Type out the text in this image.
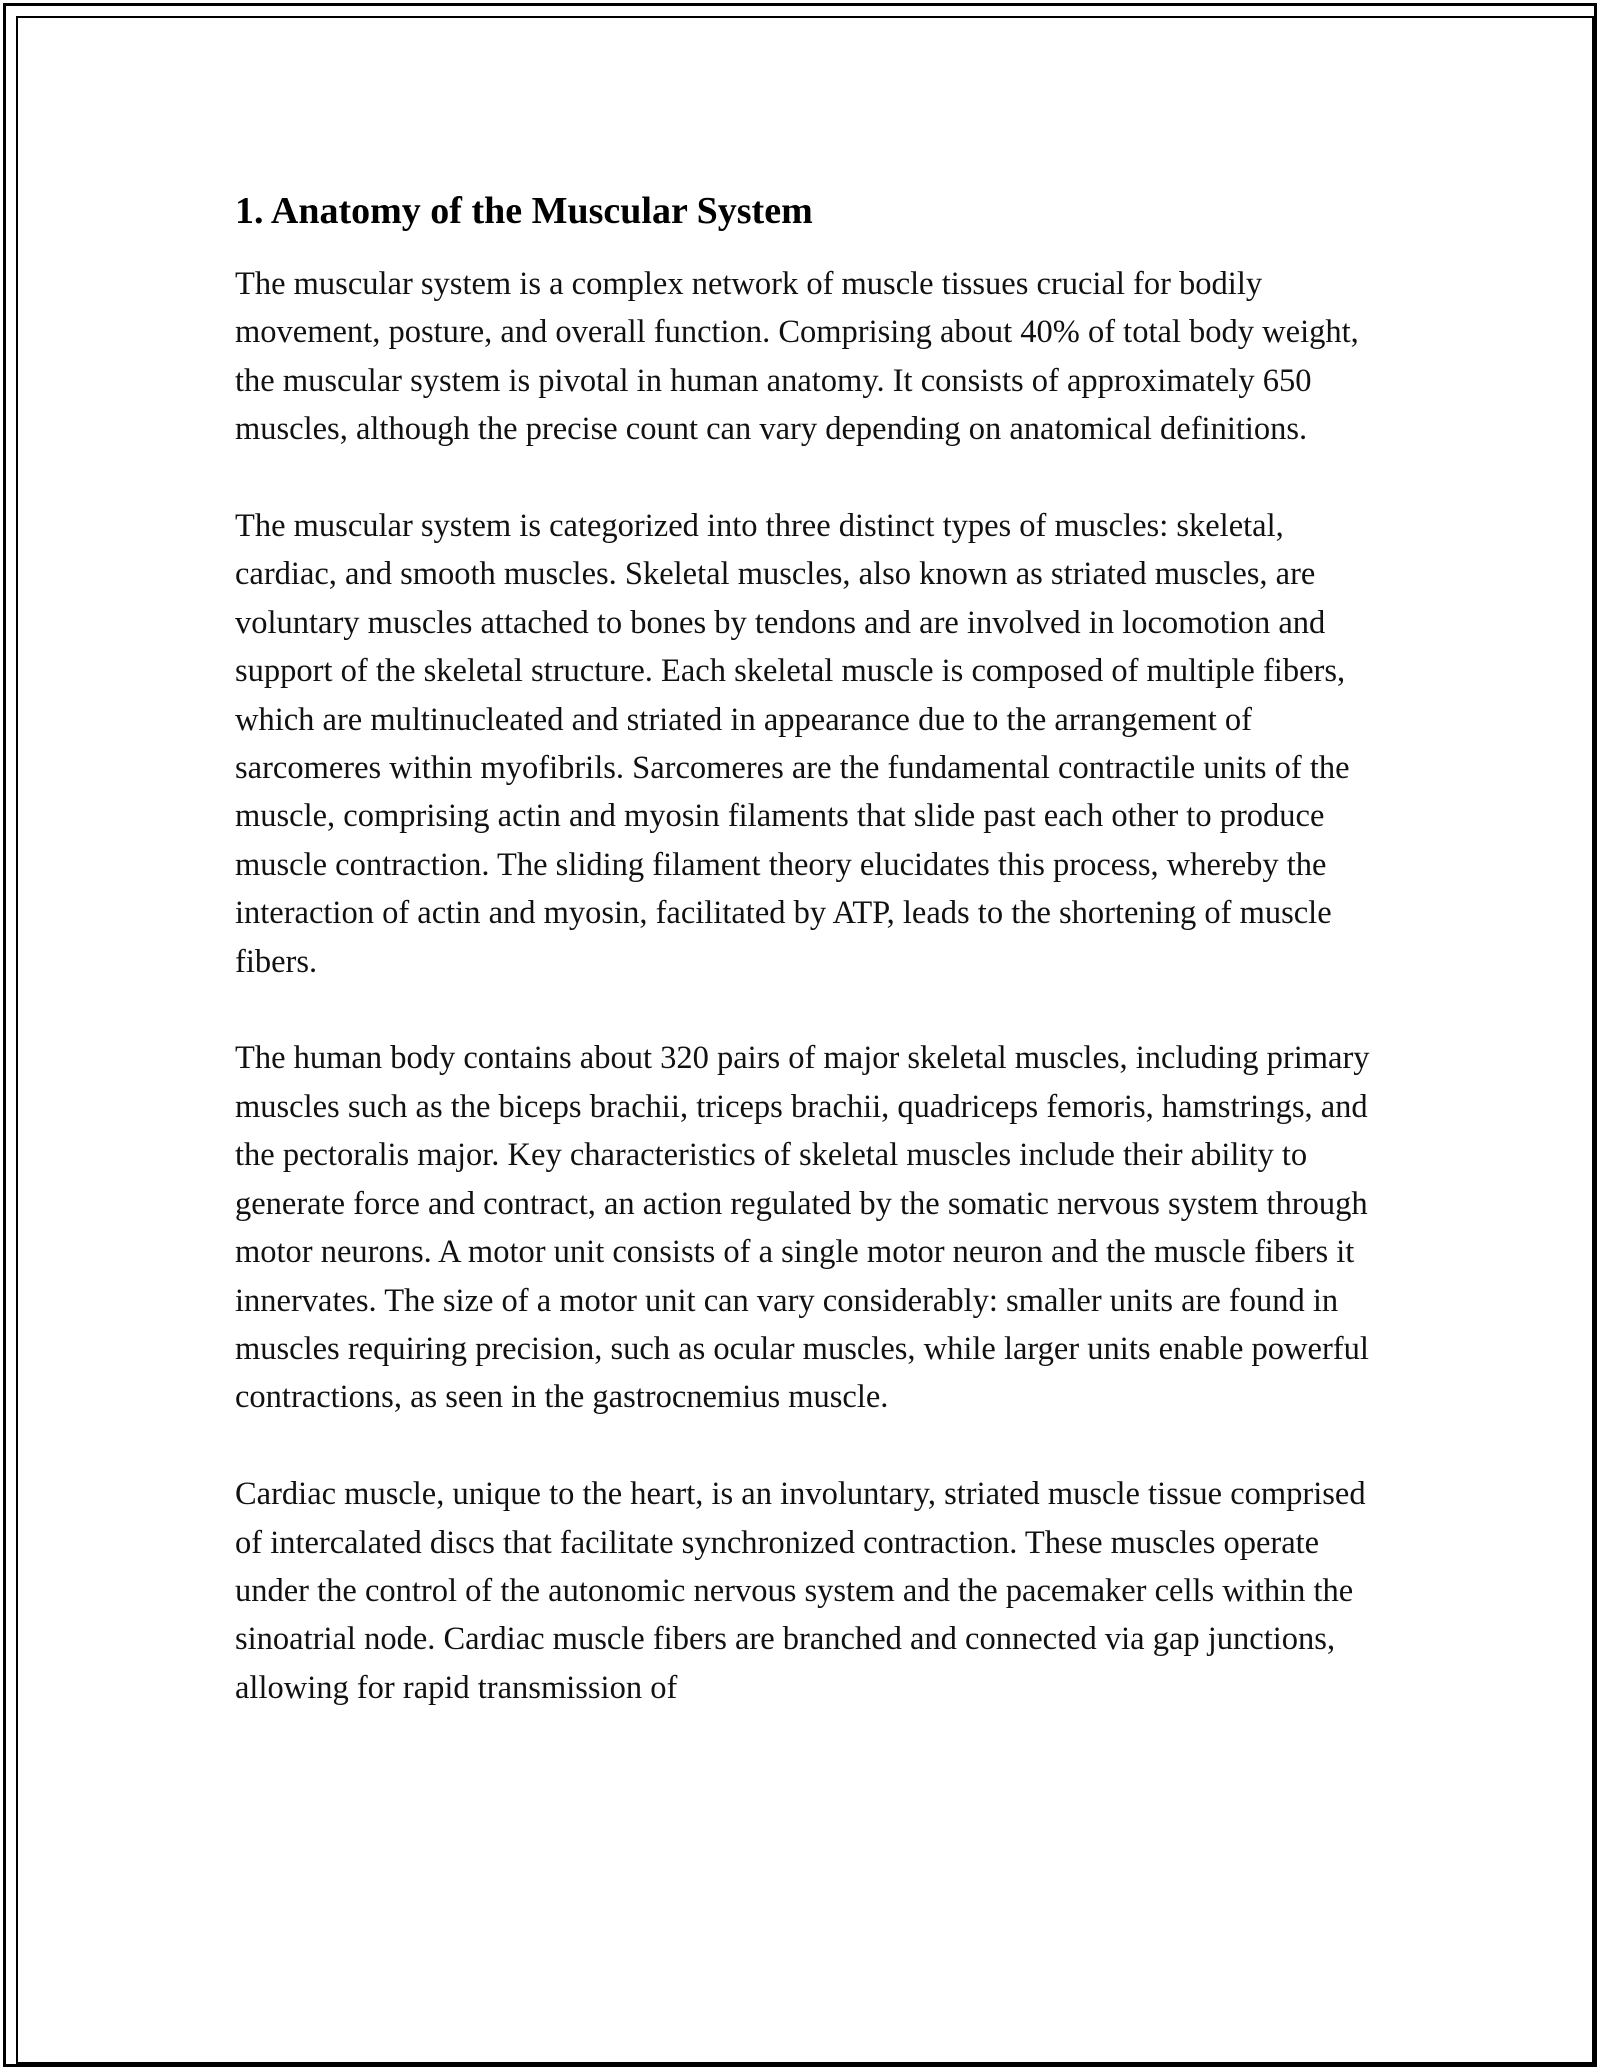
1. Anatomy of the Muscular System

The muscular system is a complex network of muscle tissues crucial for bodily movement, posture, and overall function. Comprising about 40% of total body weight, the muscular system is pivotal in human anatomy. It consists of approximately 650 muscles, although the precise count can vary depending on anatomical definitions.

The muscular system is categorized into three distinct types of muscles: skeletal, cardiac, and smooth muscles. Skeletal muscles, also known as striated muscles, are voluntary muscles attached to bones by tendons and are involved in locomotion and support of the skeletal structure. Each skeletal muscle is composed of multiple fibers, which are multinucleated and striated in appearance due to the arrangement of sarcomeres within myofibrils. Sarcomeres are the fundamental contractile units of the muscle, comprising actin and myosin filaments that slide past each other to produce muscle contraction. The sliding filament theory elucidates this process, whereby the interaction of actin and myosin, facilitated by ATP, leads to the shortening of muscle fibers.

The human body contains about 320 pairs of major skeletal muscles, including primary muscles such as the biceps brachii, triceps brachii, quadriceps femoris, hamstrings, and the pectoralis major. Key characteristics of skeletal muscles include their ability to generate force and contract, an action regulated by the somatic nervous system through motor neurons. A motor unit consists of a single motor neuron and the muscle fibers it innervates. The size of a motor unit can vary considerably: smaller units are found in muscles requiring precision, such as ocular muscles, while larger units enable powerful contractions, as seen in the gastrocnemius muscle.

Cardiac muscle, unique to the heart, is an involuntary, striated muscle tissue comprised of intercalated discs that facilitate synchronized contraction. These muscles operate under the control of the autonomic nervous system and the pacemaker cells within the sinoatrial node. Cardiac muscle fibers are branched and connected via gap junctions, allowing for rapid transmission of
